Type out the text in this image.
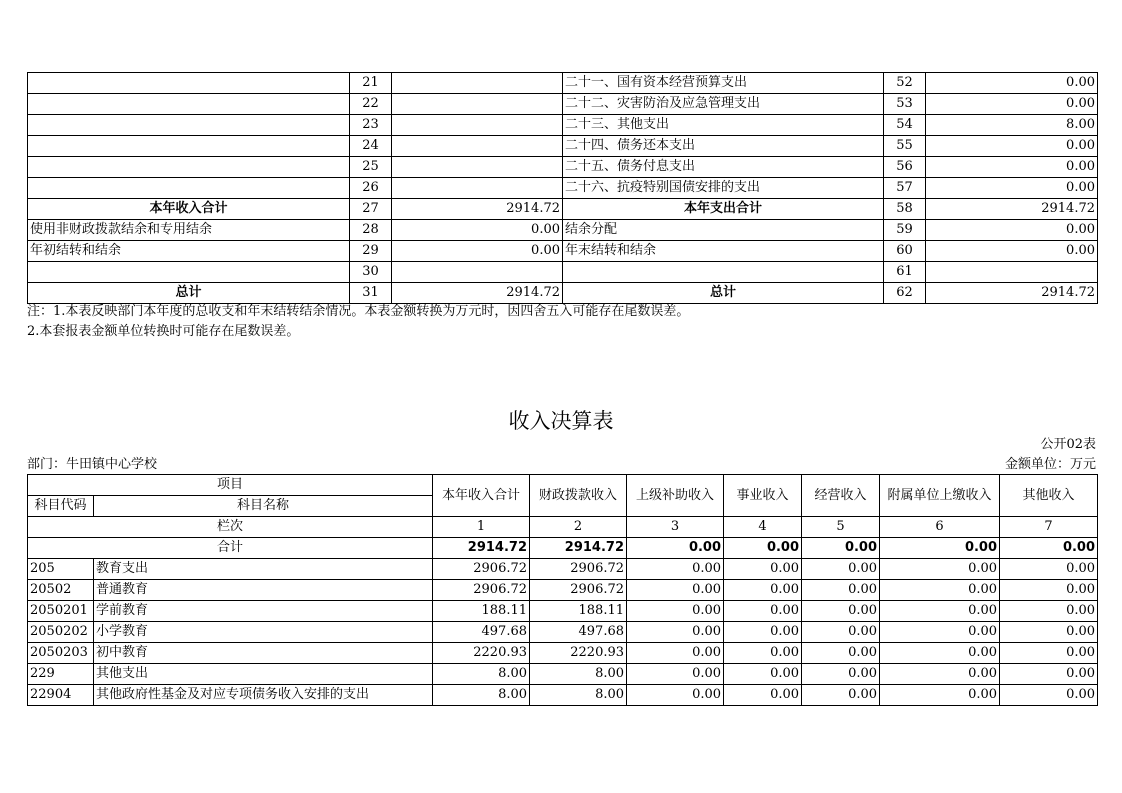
	21		二十一、国有资本经营预算支出	52	0.00
	22		二十二、灾害防治及应急管理支出	53	0.00
	23		二十三、其他支出	54	8.00
	24		二十四、债务还本支出	55	0.00
	25		二十五、债务付息支出	56	0.00
	26		二十六、抗疫特别国债安排的支出	57	0.00
本年收入合计	27	2914.72	本年支出合计	58	2914.72
使用非财政拨款结余和专用结余	28	0.00	结余分配	59	0.00
年初结转和结余	29	0.00	年末结转和结余	60	0.00
	30			61	
总计	31	2914.72	总计	62	2914.72
注：1.本表反映部门本年度的总收支和年末结转结余情况。本表金额转换为万元时，因四舍五入可能存在尾数误差。
2.本套报表金额单位转换时可能存在尾数误差。
收入决算表
公开02表
部门：牛田镇中心学校	金额单位：万元
项目		本年收入合计	财政拨款收入	上级补助收入	事业收入	经营收入	附属单位上缴收入	其他收入
科目代码	科目名称							
栏次		1	2	3	4	5	6	7
合计		2914.72	2914.72	0.00	0.00	0.00	0.00	0.00
205	教育支出	2906.72	2906.72	0.00	0.00	0.00	0.00	0.00
20502	普通教育	2906.72	2906.72	0.00	0.00	0.00	0.00	0.00
2050201	学前教育	188.11	188.11	0.00	0.00	0.00	0.00	0.00
2050202	小学教育	497.68	497.68	0.00	0.00	0.00	0.00	0.00
2050203	初中教育	2220.93	2220.93	0.00	0.00	0.00	0.00	0.00
229	其他支出	8.00	8.00	0.00	0.00	0.00	0.00	0.00
22904	其他政府性基金及对应专项债务收入安排的支出	8.00	8.00	0.00	0.00	0.00	0.00	0.00
